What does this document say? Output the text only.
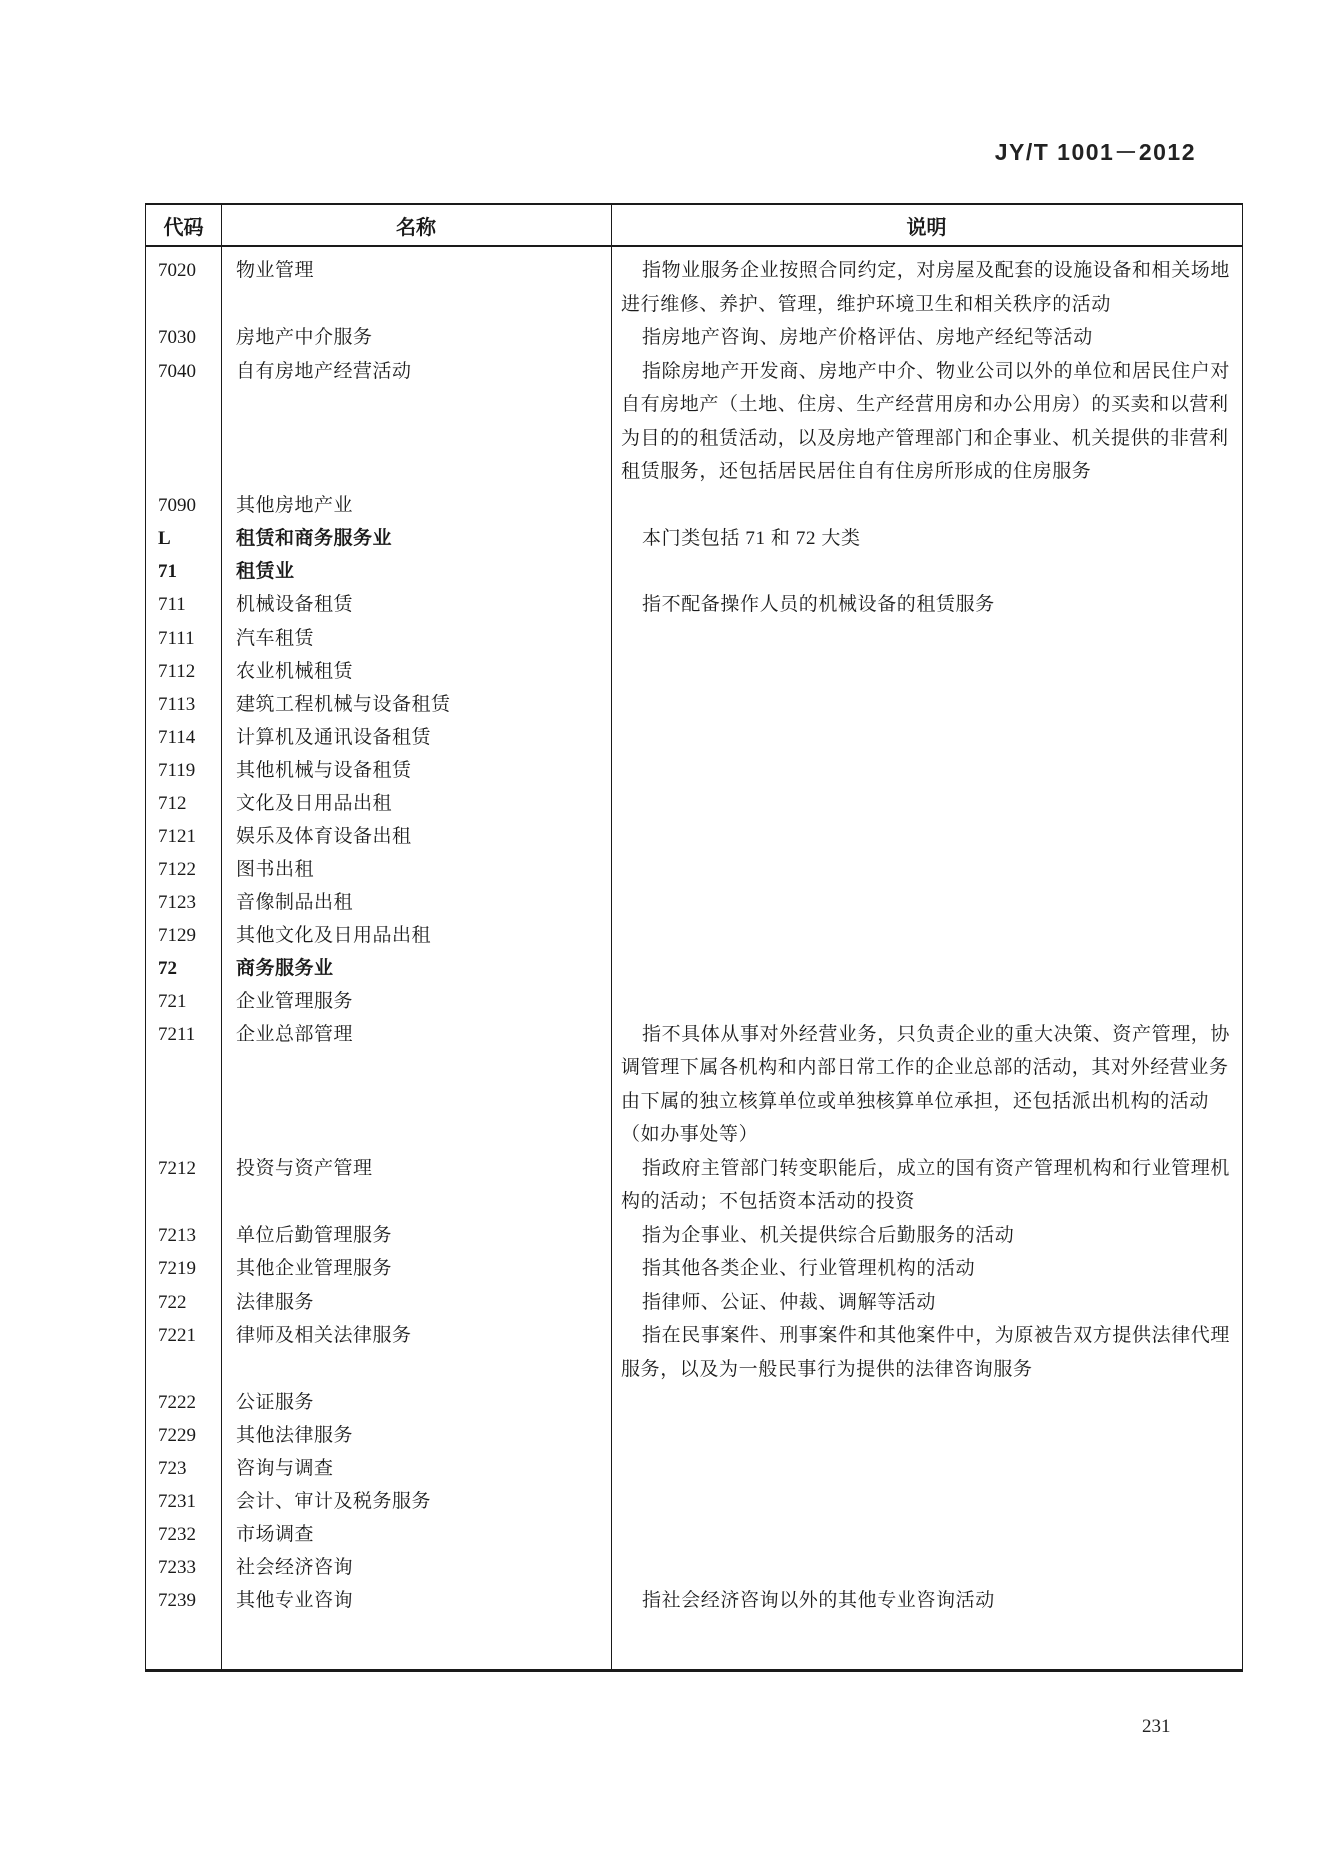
JY/T 1001－2012
代码	名称	说明
7020	物业管理	指物业服务企业按照合同约定，对房屋及配套的设施设备和相关场地进行维修、养护、管理，维护环境卫生和相关秩序的活动
7030	房地产中介服务	指房地产咨询、房地产价格评估、房地产经纪等活动
7040	自有房地产经营活动	指除房地产开发商、房地产中介、物业公司以外的单位和居民住户对自有房地产（土地、住房、生产经营用房和办公用房）的买卖和以营利为目的的租赁活动，以及房地产管理部门和企事业、机关提供的非营利租赁服务，还包括居民居住自有住房所形成的住房服务
7090	其他房地产业
L	租赁和商务服务业	本门类包括 71 和 72 大类
71	租赁业
711	机械设备租赁	指不配备操作人员的机械设备的租赁服务
7111	汽车租赁
7112	农业机械租赁
7113	建筑工程机械与设备租赁
7114	计算机及通讯设备租赁
7119	其他机械与设备租赁
712	文化及日用品出租
7121	娱乐及体育设备出租
7122	图书出租
7123	音像制品出租
7129	其他文化及日用品出租
72	商务服务业
721	企业管理服务
7211	企业总部管理	指不具体从事对外经营业务，只负责企业的重大决策、资产管理，协调管理下属各机构和内部日常工作的企业总部的活动，其对外经营业务由下属的独立核算单位或单独核算单位承担，还包括派出机构的活动（如办事处等）
7212	投资与资产管理	指政府主管部门转变职能后，成立的国有资产管理机构和行业管理机构的活动；不包括资本活动的投资
7213	单位后勤管理服务	指为企事业、机关提供综合后勤服务的活动
7219	其他企业管理服务	指其他各类企业、行业管理机构的活动
722	法律服务	指律师、公证、仲裁、调解等活动
7221	律师及相关法律服务	指在民事案件、刑事案件和其他案件中，为原被告双方提供法律代理服务，以及为一般民事行为提供的法律咨询服务
7222	公证服务
7229	其他法律服务
723	咨询与调查
7231	会计、审计及税务服务
7232	市场调查
7233	社会经济咨询
7239	其他专业咨询	指社会经济咨询以外的其他专业咨询活动
231
